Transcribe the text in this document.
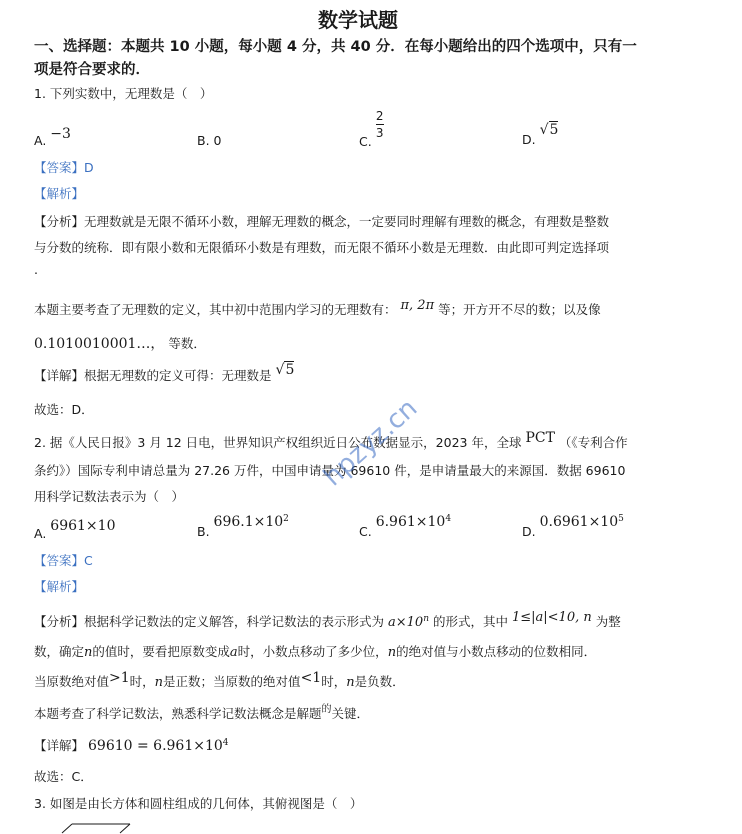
数学试题
一、选择题：本题共 10 小题，每小题 4 分，共 40 分．在每小题给出的四个选项中，只有一
项是符合要求的．
1. 下列实数中，无理数是（　）
A. −3	B. 0	C.
$\frac{2}{3}$
D. √5
【答案】D
【解析】
【分析】无理数就是无限不循环小数，理解无理数的概念，一定要同时理解有理数的概念，有理数是整数
与分数的统称．即有限小数和无限循环小数是有理数，而无限不循环小数是无理数．由此即可判定选择项
.
本题主要考查了无理数的定义，其中初中范围内学习的无理数有： π, 2π 等；开方开不尽的数；以及像
0.1010010001…， 等数．
【详解】根据无理数的定义可得：无理数是 √5
故选：D．
2. 据《人民日报》3 月 12 日电，世界知识产权组织近日公布数据显示，2023 年，全球 PCT （《专利合作
条约》）国际专利申请总量为 27.26 万件，中国申请量为 69610 件，是申请量最大的来源国．数据 69610
用科学记数法表示为（　）
A. 6961×10	B. $696.1\times 10^2$
C. $6.961\times 10^4$
D. $0.6961\times 10^5$
【答案】C
【解析】
【分析】根据科学记数法的定义解答，科学记数法的表示形式为 $a\times 10^n$ 的形式，其中 1≤|a|<10, n 为整
数，确定n的值时，要看把原数变成a时，小数点移动了多少位，n的绝对值与小数点移动的位数相同．
当原数绝对值>1时，n是正数；当原数的绝对值<1时，n是负数．
本题考查了科学记数法，熟悉科学记数法概念是解题$^的$关键．
【详解】 $69610 = 6.961\times 10^4$
故选：C．
3. 如图是由长方体和圆柱组成的几何体，其俯视图是（　）
hpzyz.cn
